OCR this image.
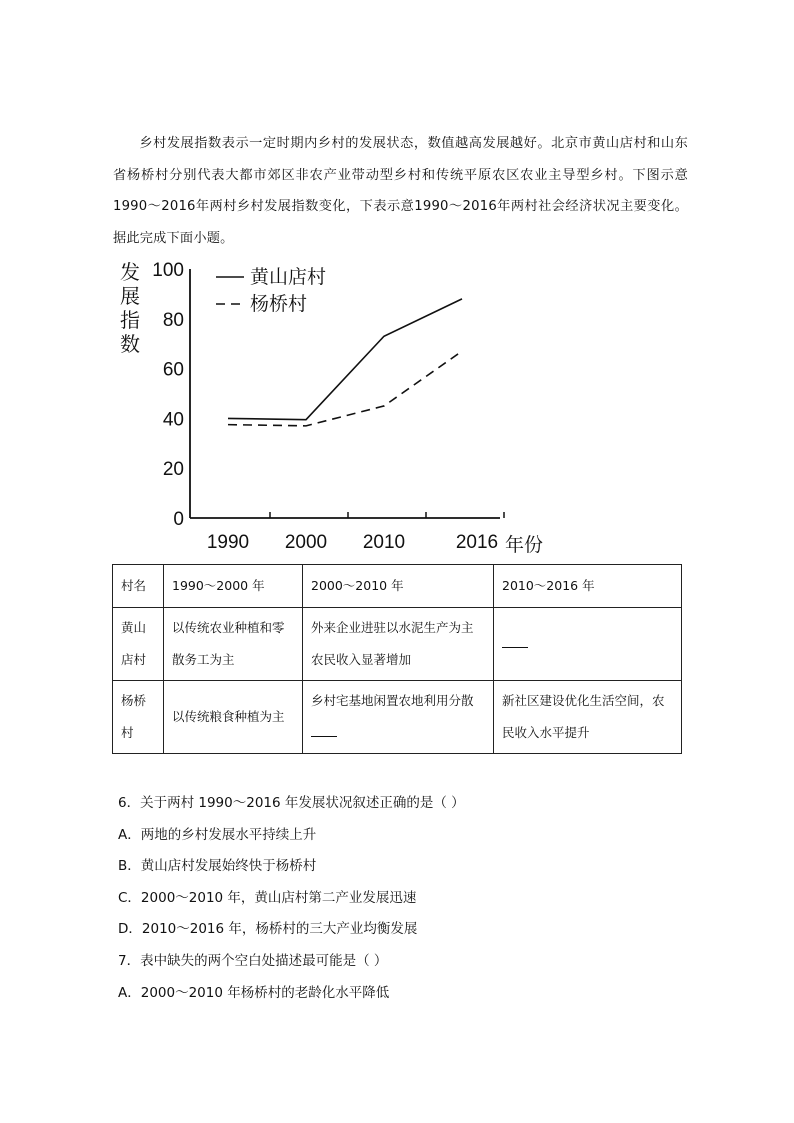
乡村发展指数表示一定时期内乡村的发展状态，数值越高发展越好。北京市黄山店村和山东省杨桥村分别代表大都市郊区非农产业带动型乡村和传统平原农区农业主导型乡村。下图示意1990～2016年两村乡村发展指数变化，下表示意1990～2016年两村社会经济状况主要变化。据此完成下面小题。

0
20
40
60
80
100
1990 2000 2010	2016 年份
发
展
指
数
黄山店村
杨桥村
村名	1990～2000 年	2000～2010 年	2010～2016 年
黄山店村	以传统农业种植和零散务工为主	外来企业进驻以水泥生产为主农民收入显著增加	
杨桥村	以传统粮食种植为主	乡村宅基地闲置农地利用分散	新社区建设优化生活空间，农民收入水平提升
6．关于两村 1990～2016 年发展状况叙述正确的是（ ）
A．两地的乡村发展水平持续上升
B．黄山店村发展始终快于杨桥村
C．2000～2010 年，黄山店村第二产业发展迅速
D．2010～2016 年，杨桥村的三大产业均衡发展
7．表中缺失的两个空白处描述最可能是（ ）
A．2000～2010 年杨桥村的老龄化水平降低
